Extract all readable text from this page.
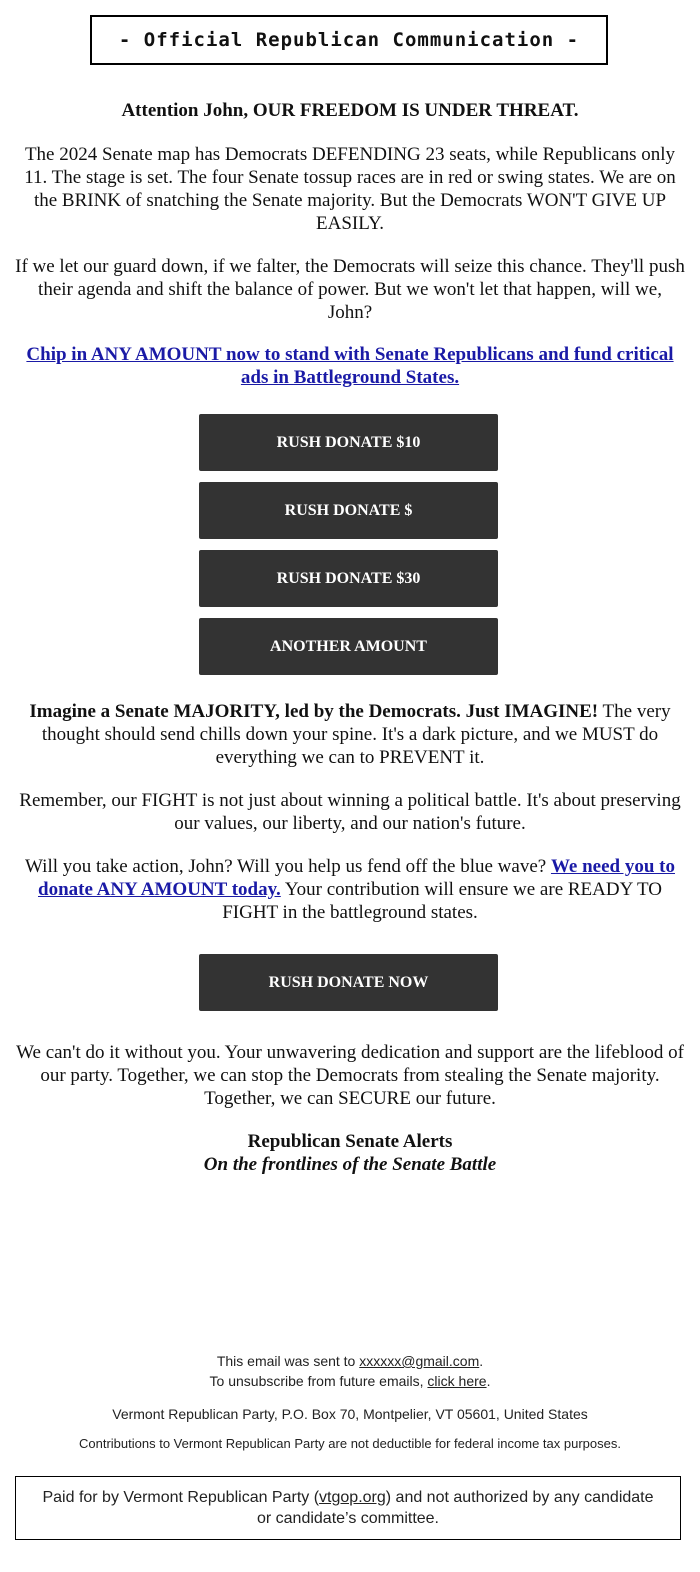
- Official Republican Communication -
Attention John, OUR FREEDOM IS UNDER THREAT.
The 2024 Senate map has Democrats DEFENDING 23 seats, while Republicans only 11. The stage is set. The four Senate tossup races are in red or swing states. We are on the BRINK of snatching the Senate majority. But the Democrats WON'T GIVE UP EASILY.
If we let our guard down, if we falter, the Democrats will seize this chance. They'll push their agenda and shift the balance of power. But we won't let that happen, will we, John?
Chip in ANY AMOUNT now to stand with Senate Republicans and fund critical ads in Battleground States.
RUSH DONATE $10
RUSH DONATE $
RUSH DONATE $30
ANOTHER AMOUNT
Imagine a Senate MAJORITY, led by the Democrats. Just IMAGINE! The very thought should send chills down your spine. It's a dark picture, and we MUST do everything we can to PREVENT it.
Remember, our FIGHT is not just about winning a political battle. It's about preserving our values, our liberty, and our nation's future.
Will you take action, John? Will you help us fend off the blue wave? We need you to donate ANY AMOUNT today. Your contribution will ensure we are READY TO FIGHT in the battleground states.
RUSH DONATE NOW
We can't do it without you. Your unwavering dedication and support are the lifeblood of our party. Together, we can stop the Democrats from stealing the Senate majority. Together, we can SECURE our future.
Republican Senate Alerts
On the frontlines of the Senate Battle
This email was sent to xxxxxx@gmail.com.
To unsubscribe from future emails, click here.
Vermont Republican Party, P.O. Box 70, Montpelier, VT 05601, United States
Contributions to Vermont Republican Party are not deductible for federal income tax purposes.
Paid for by Vermont Republican Party (vtgop.org) and not authorized by any candidate or candidate’s committee.
